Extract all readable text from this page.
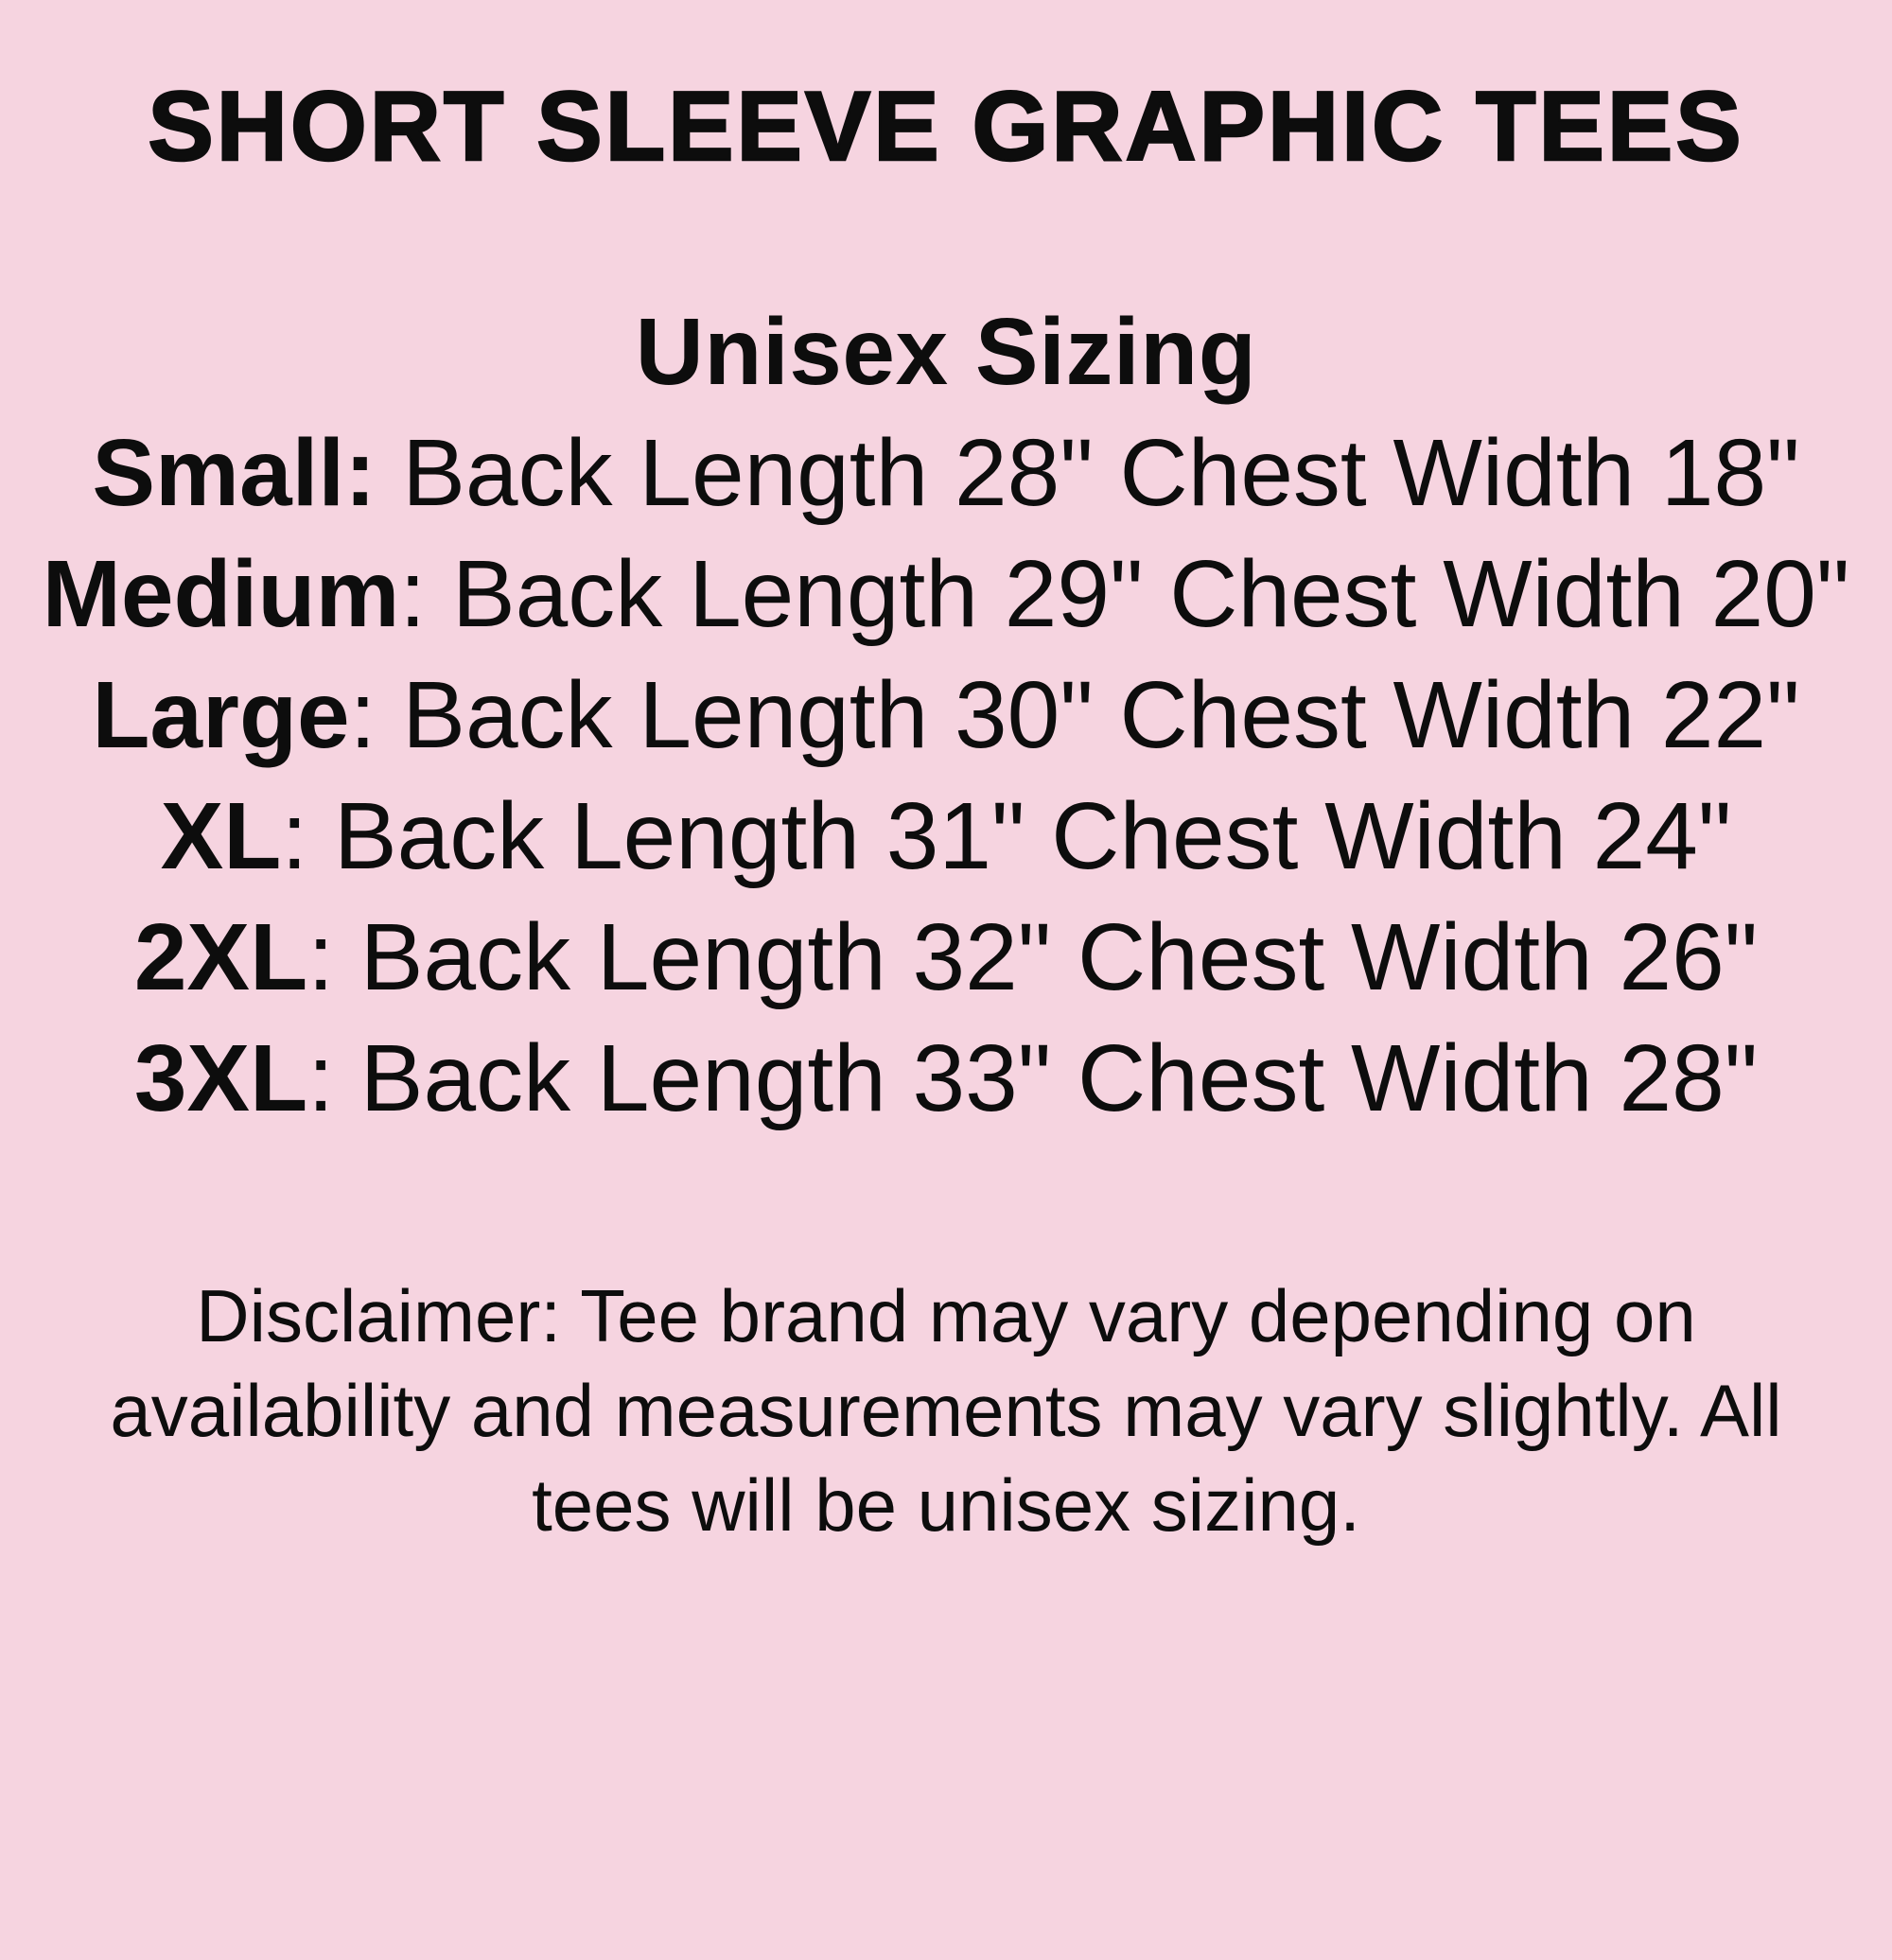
SHORT SLEEVE GRAPHIC TEES
Unisex Sizing
Small: Back Length 28" Chest Width 18"
Medium: Back Length 29" Chest Width 20"
Large: Back Length 30" Chest Width 22"
XL: Back Length 31" Chest Width 24"
2XL: Back Length 32" Chest Width 26"
3XL: Back Length 33" Chest Width 28"
Disclaimer: Tee brand may vary depending on availability and measurements may vary slightly. All tees will be unisex sizing.
